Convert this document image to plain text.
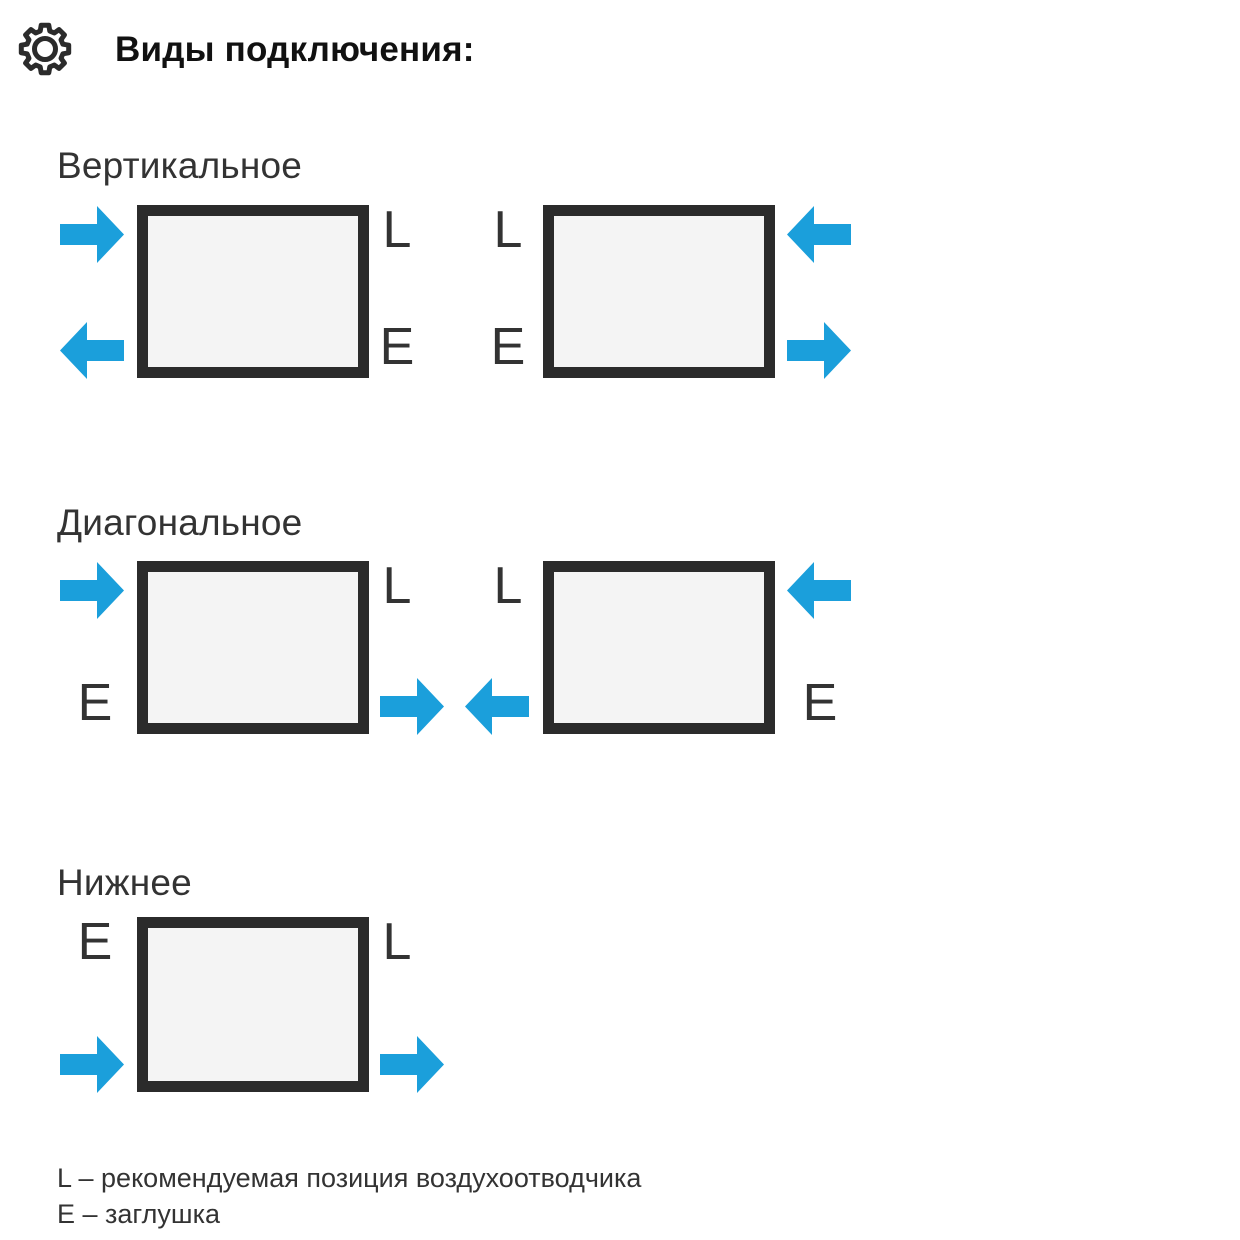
Виды подключения:
Вертикальное
L
E
L
E
Диагональное
E
L L
E
Нижнее
E	L
L – рекомендуемая позиция воздухоотводчика
E – заглушка
